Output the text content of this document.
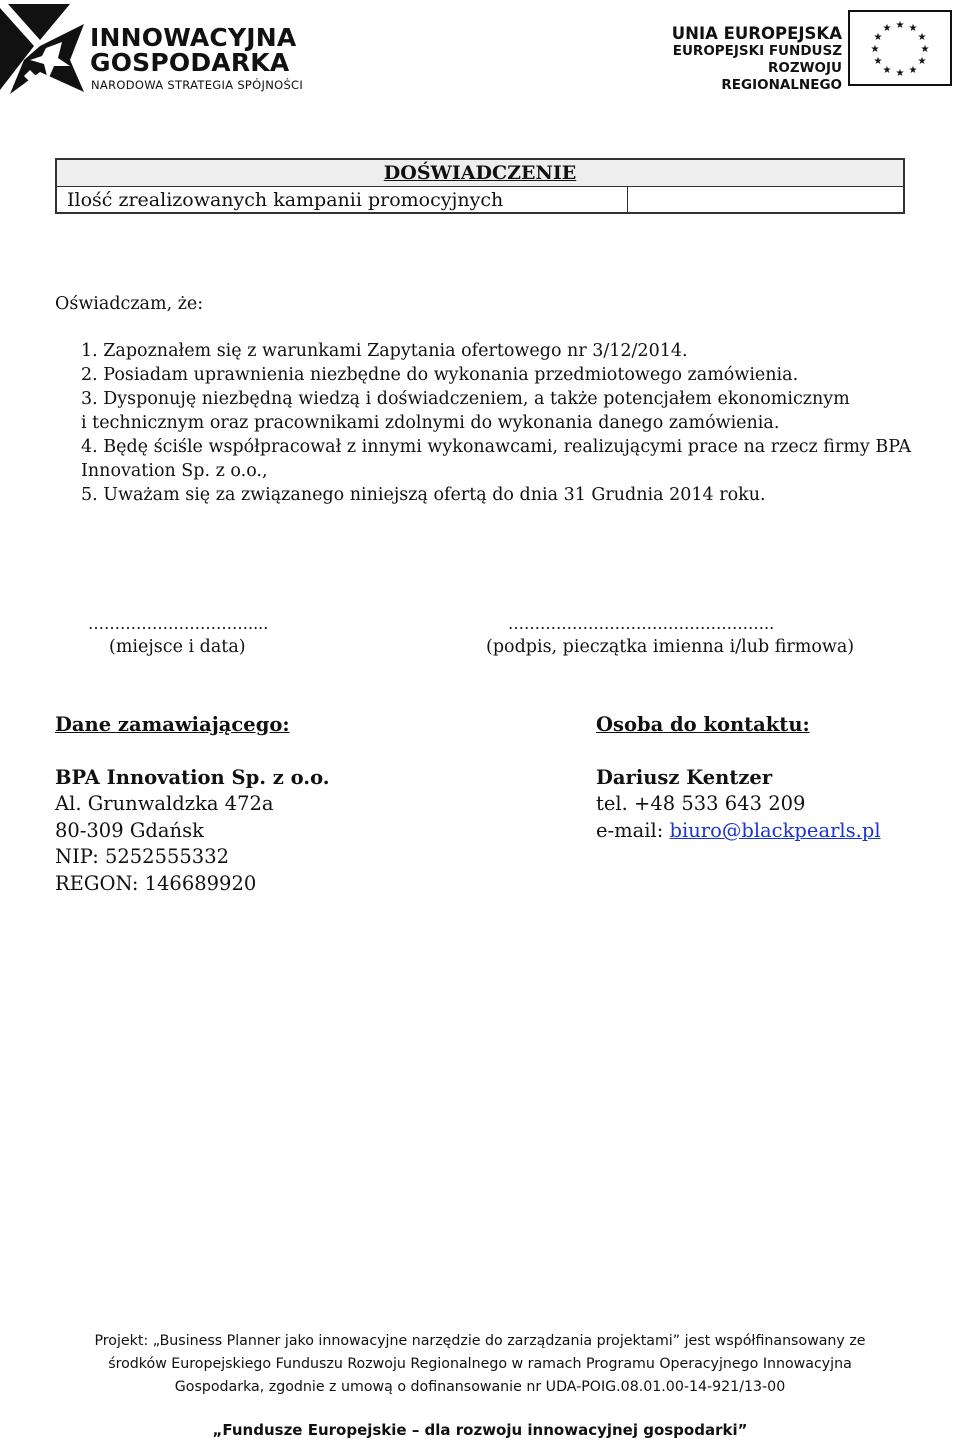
INNOWACYJNA
GOSPODARKA
NARODOWA STRATEGIA SPÓJNOŚCI
UNIA EUROPEJSKA
EUROPEJSKI FUNDUSZ
ROZWOJU REGIONALNEGO
★ ★
★
★
★
★
★
★
★
★
★
★
DOŚWIADCZENIE
Ilość zrealizowanych kampanii promocyjnych
Oświadczam, że:
1. Zapoznałem się z warunkami Zapytania ofertowego nr 3/12/2014.
2. Posiadam uprawnienia niezbędne do wykonania przedmiotowego zamówienia.
3. Dysponuję niezbędną wiedzą i doświadczeniem, a także potencjałem ekonomicznym
i technicznym oraz pracownikami zdolnymi do wykonania danego zamówienia.
4. Będę ściśle współpracował z innymi wykonawcami, realizującymi prace na rzecz firmy BPA
Innovation Sp. z o.o.,
5. Uważam się za związanego niniejszą ofertą do dnia 31 Grudnia 2014 roku.
…………………………....
(miejsce i data)
…………………………………………..
(podpis, pieczątka imienna i/lub firmowa)
Dane zamawiającego:
BPA Innovation Sp. z o.o.
Al. Grunwaldzka 472a
80-309 Gdańsk
NIP: 5252555332
REGON: 146689920
Osoba do kontaktu:
Dariusz Kentzer
tel. +48 533 643 209
e-mail: biuro@blackpearls.pl
Projekt: „Business Planner jako innowacyjne narzędzie do zarządzania projektami” jest współfinansowany ze
środków Europejskiego Funduszu Rozwoju Regionalnego w ramach Programu Operacyjnego Innowacyjna
Gospodarka, zgodnie z umową o dofinansowanie nr UDA-POIG.08.01.00-14-921/13-00
„Fundusze Europejskie – dla rozwoju innowacyjnej gospodarki”
